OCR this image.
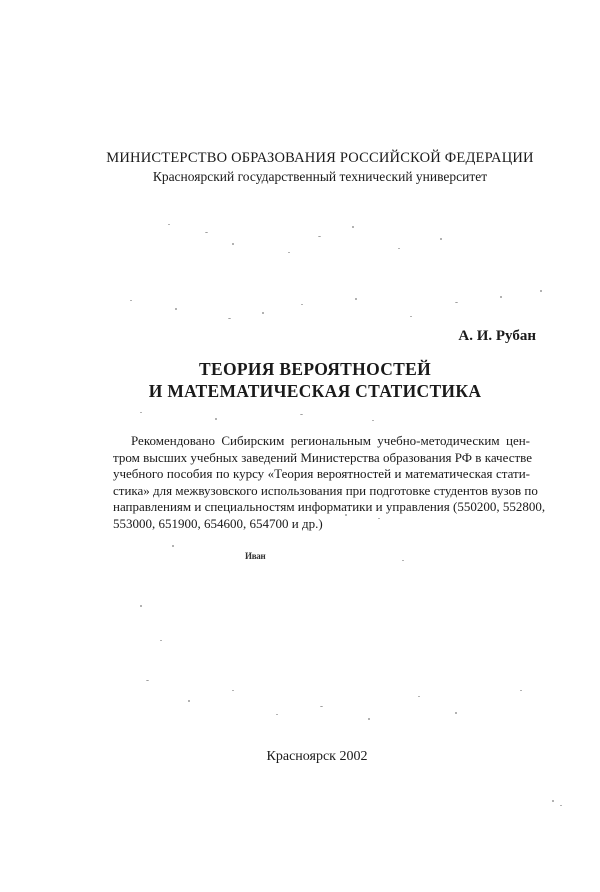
МИНИСТЕРСТВО ОБРАЗОВАНИЯ РОССИЙСКОЙ ФЕДЕРАЦИИ
Красноярский государственный технический университет
А. И. Рубан
ТЕОРИЯ ВЕРОЯТНОСТЕЙ
И МАТЕМАТИЧЕСКАЯ СТАТИСТИКА
Рекомендовано Сибирским региональным учебно-методическим цен-
тром высших учебных заведений Министерства образования РФ в качестве
учебного пособия по курсу «Теория вероятностей и математическая стати-
стика» для межвузовского использования при подготовке студентов вузов по
направлениям и специальностям информатики и управления (550200, 552800,
553000, 651900, 654600, 654700 и др.)
Иван
Красноярск 2002
